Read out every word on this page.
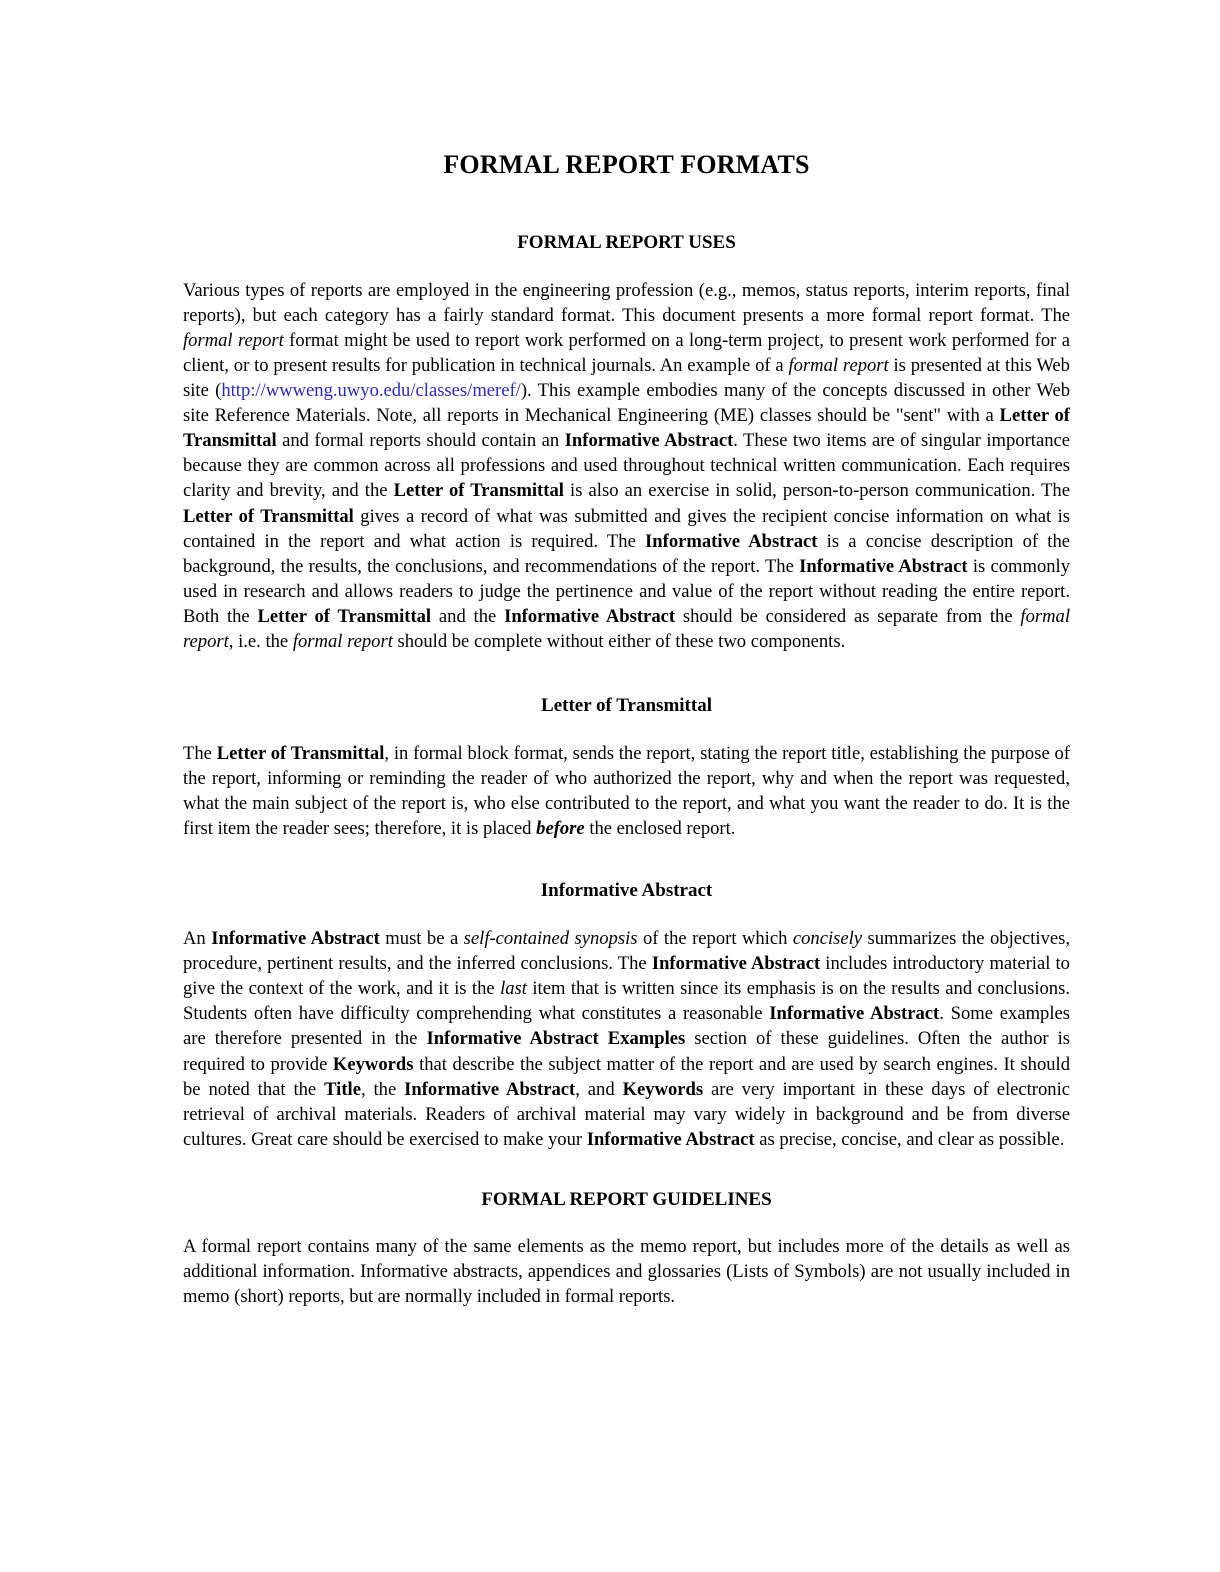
FORMAL REPORT FORMATS
FORMAL REPORT USES

Various types of reports are employed in the engineering profession (e.g., memos, status reports, interim reports, final reports), but each category has a fairly standard format. This document presents a more formal report format. The formal report format might be used to report work performed on a long-term project, to present work performed for a client, or to present results for publication in technical journals. An example of a formal report is presented at this Web site (http://wwweng.uwyo.edu/classes/meref/). This example embodies many of the concepts discussed in other Web site Reference Materials. Note, all reports in Mechanical Engineering (ME) classes should be "sent" with a Letter of Transmittal and formal reports should contain an Informative Abstract. These two items are of singular importance because they are common across all professions and used throughout technical written communication. Each requires clarity and brevity, and the Letter of Transmittal is also an exercise in solid, person-to-person communication. The Letter of Transmittal gives a record of what was submitted and gives the recipient concise information on what is contained in the report and what action is required. The Informative Abstract is a concise description of the background, the results, the conclusions, and recommendations of the report. The Informative Abstract is commonly used in research and allows readers to judge the pertinence and value of the report without reading the entire report. Both the Letter of Transmittal and the Informative Abstract should be considered as separate from the formal report, i.e. the formal report should be complete without either of these two components.

Letter of Transmittal

The Letter of Transmittal, in formal block format, sends the report, stating the report title, establishing the purpose of the report, informing or reminding the reader of who authorized the report, why and when the report was requested, what the main subject of the report is, who else contributed to the report, and what you want the reader to do. It is the first item the reader sees; therefore, it is placed before the enclosed report.

Informative Abstract

An Informative Abstract must be a self-contained synopsis of the report which concisely summarizes the objectives, procedure, pertinent results, and the inferred conclusions. The Informative Abstract includes introductory material to give the context of the work, and it is the last item that is written since its emphasis is on the results and conclusions. Students often have difficulty comprehending what constitutes a reasonable Informative Abstract. Some examples are therefore presented in the Informative Abstract Examples section of these guidelines. Often the author is required to provide Keywords that describe the subject matter of the report and are used by search engines. It should be noted that the Title, the Informative Abstract, and Keywords are very important in these days of electronic retrieval of archival materials. Readers of archival material may vary widely in background and be from diverse cultures. Great care should be exercised to make your Informative Abstract as precise, concise, and clear as possible.

FORMAL REPORT GUIDELINES

A formal report contains many of the same elements as the memo report, but includes more of the details as well as additional information. Informative abstracts, appendices and glossaries (Lists of Symbols) are not usually included in memo (short) reports, but are normally included in formal reports.
